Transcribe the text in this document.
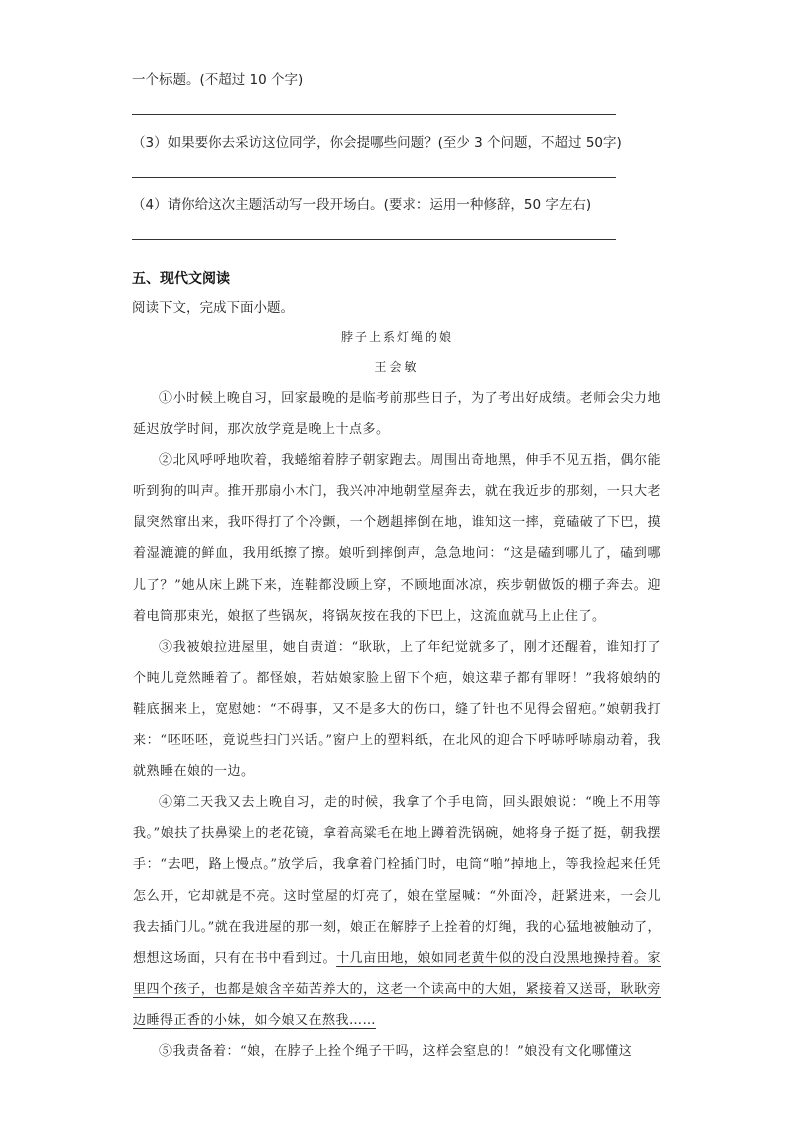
一个标题。(不超过 10 个字)
（3）如果要你去采访这位同学，你会提哪些问题？(至少 3 个问题，不超过 50字)
（4）请你给这次主题活动写一段开场白。(要求：运用一种修辞，50 字左右)
五、现代文阅读
阅读下文，完成下面小题。
脖子上系灯绳的娘
王会敏

①小时候上晚自习，回家最晚的是临考前那些日子，为了考出好成绩。老师会尖力地延迟放学时间，那次放学竟是晚上十点多。

②北风呼呼地吹着，我蜷缩着脖子朝家跑去。周围出奇地黑，伸手不见五指，偶尔能听到狗的叫声。推开那扇小木门，我兴冲冲地朝堂屋奔去，就在我近步的那刻，一只大老鼠突然窜出来，我吓得打了个冷颤，一个趔趄摔倒在地，谁知这一摔，竟磕破了下巴，摸着湿漉漉的鲜血，我用纸擦了擦。娘听到摔倒声，急急地问：“这是磕到哪儿了，磕到哪儿了？”她从床上跳下来，连鞋都没顾上穿，不顾地面冰凉，疾步朝做饭的棚子奔去。迎着电筒那束光，娘抠了些锅灰，将锅灰按在我的下巴上，这流血就马上止住了。

③我被娘拉进屋里，她自责道：“耿耿，上了年纪觉就多了，刚才还醒着，谁知打了个盹儿竟然睡着了。都怪娘，若姑娘家脸上留下个疤，娘这辈子都有罪呀！”我将娘纳的鞋底捆来上，宽慰她：“不碍事，又不是多大的伤口，缝了针也不见得会留疤。”娘朝我打来：“呸呸呸，竟说些扫门兴话。”窗户上的塑料纸，在北风的迎合下呼哧呼哧扇动着，我就熟睡在娘的一边。

④第二天我又去上晚自习，走的时候，我拿了个手电筒，回头跟娘说：“晚上不用等我。”娘扶了扶鼻梁上的老花镜，拿着高粱毛在地上蹲着洗锅碗，她将身子挺了挺，朝我摆手：“去吧，路上慢点。”放学后，我拿着门栓插门时，电筒“啪”掉地上，等我捡起来任凭怎么开，它却就是不亮。这时堂屋的灯亮了，娘在堂屋喊：“外面冷，赶紧进来，一会儿我去插门儿。”就在我进屋的那一刻，娘正在解脖子上拴着的灯绳，我的心猛地被触动了，想想这场面，只有在书中看到过。十几亩田地，娘如同老黄牛似的没白没黑地操持着。家里四个孩子，也都是娘含辛茹苦养大的，这老一个读高中的大姐，紧接着又送哥，耿耿旁边睡得正香的小妹，如今娘又在熬我……

⑤我责备着：“娘，在脖子上拴个绳子干吗，这样会窒息的！”娘没有文化哪懂这
